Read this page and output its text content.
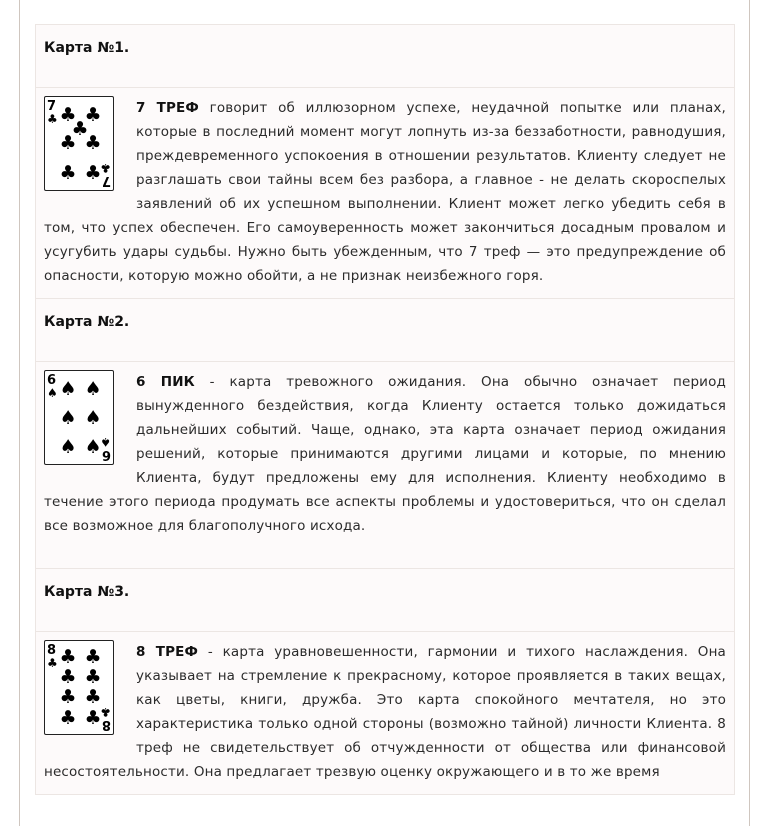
Карта №1.
7
♣ ♣ ♣
♣
♣ ♣
♣ ♣ 7
♣

7 ТРЕФ говорит об иллюзорном успехе, неудачной попытке или планах, которые в последний момент могут лопнуть из-за беззаботности, равнодушия, преждевременного успокоения в отношении результатов. Клиенту следует не разглашать свои тайны всем без разбора, а главное - не делать скороспелых заявлений об их успешном выполнении. Клиент может легко убедить себя в том, что успех обеспечен. Его самоуверенность может закончиться досадным провалом и усугубить удары судьбы. Нужно быть убежденным, что 7 треф — это предупреждение об опасности, которую можно обойти, а не признак неизбежного горя.

Карта №2.
6
♠ ♠ ♠
♠ ♠
♠ ♠ 6
♠

6 ПИК - карта тревожного ожидания. Она обычно означает период вынужденного бездействия, когда Клиенту остается только дожидаться дальнейших событий. Чаще, однако, эта карта означает период ожидания решений, которые принимаются другими лицами и которые, по мнению Клиента, будут предложены ему для исполнения. Клиенту необходимо в течение этого периода продумать все аспекты проблемы и удостовериться, что он сделал все возможное для благополучного исхода.

Карта №3.
8
♣ ♣ ♣
♣ ♣
♣ ♣
♣ ♣ 8
♣

8 ТРЕФ - карта уравновешенности, гармонии и тихого наслаждения. Она указывает на стремление к прекрасному, которое проявляется в таких вещах, как цветы, книги, дружба. Это карта спокойного мечтателя, но это характеристика только одной стороны (возможно тайной) личности Клиента. 8 треф не свидетельствует об отчужденности от общества или финансовой несостоятельности. Она предлагает трезвую оценку окружающего и в то же время
